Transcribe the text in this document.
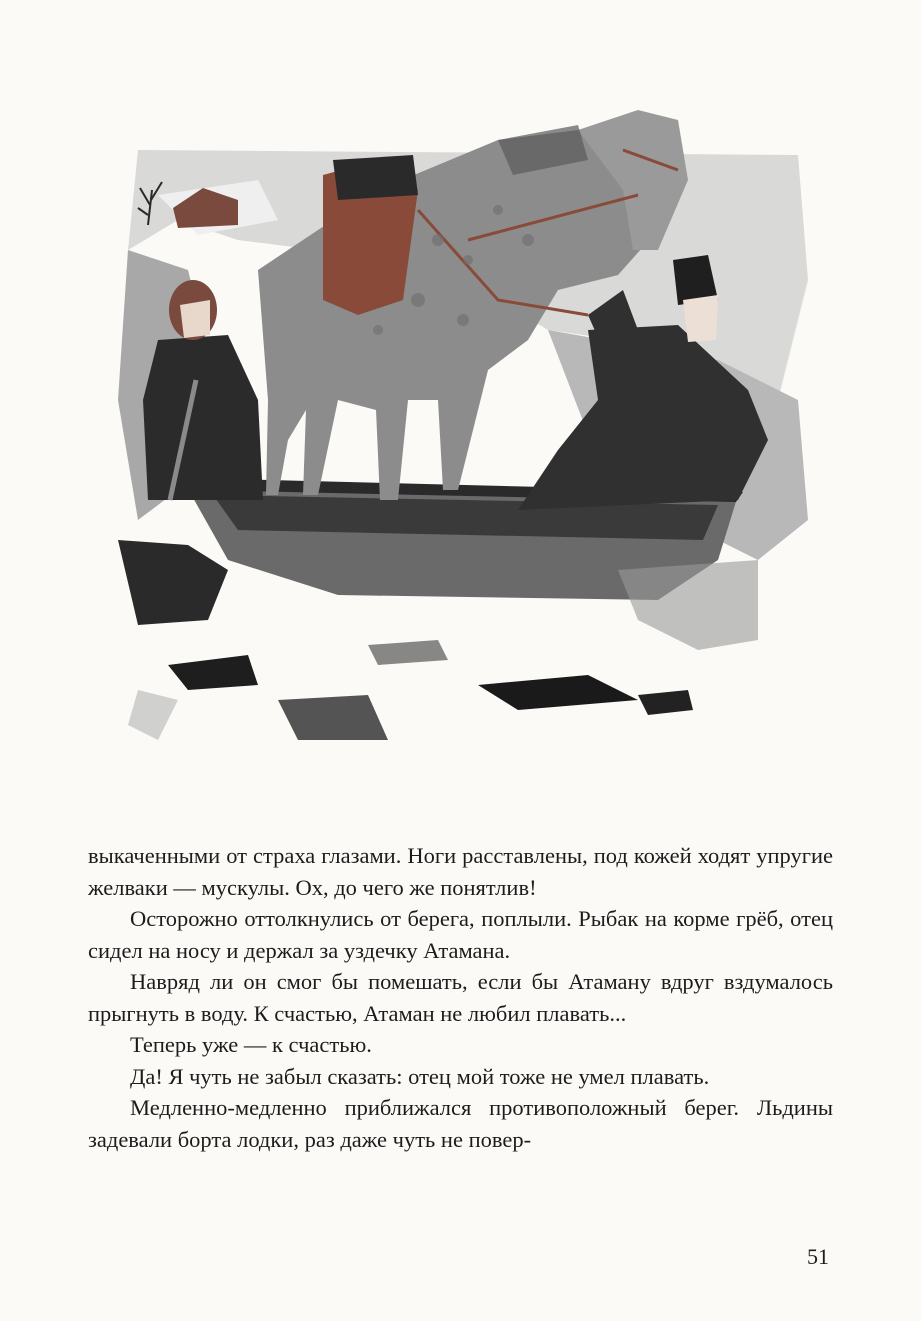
выкаченными от страха глазами. Ноги расставлены, под кожей ходят упругие желваки — мускулы. Ох, до чего же понятлив!

Осторожно оттолкнулись от берега, поплыли. Рыбак на корме грёб, отец сидел на носу и держал за уздечку Атамана.

Навряд ли он смог бы помешать, если бы Атаману вдруг вздумалось прыгнуть в воду. К счастью, Атаман не любил плавать...

Теперь уже — к счастью.

Да! Я чуть не забыл сказать: отец мой тоже не умел плавать.

Медленно-медленно приближался противоположный берег. Льдины задевали борта лодки, раз даже чуть не повер-

51
